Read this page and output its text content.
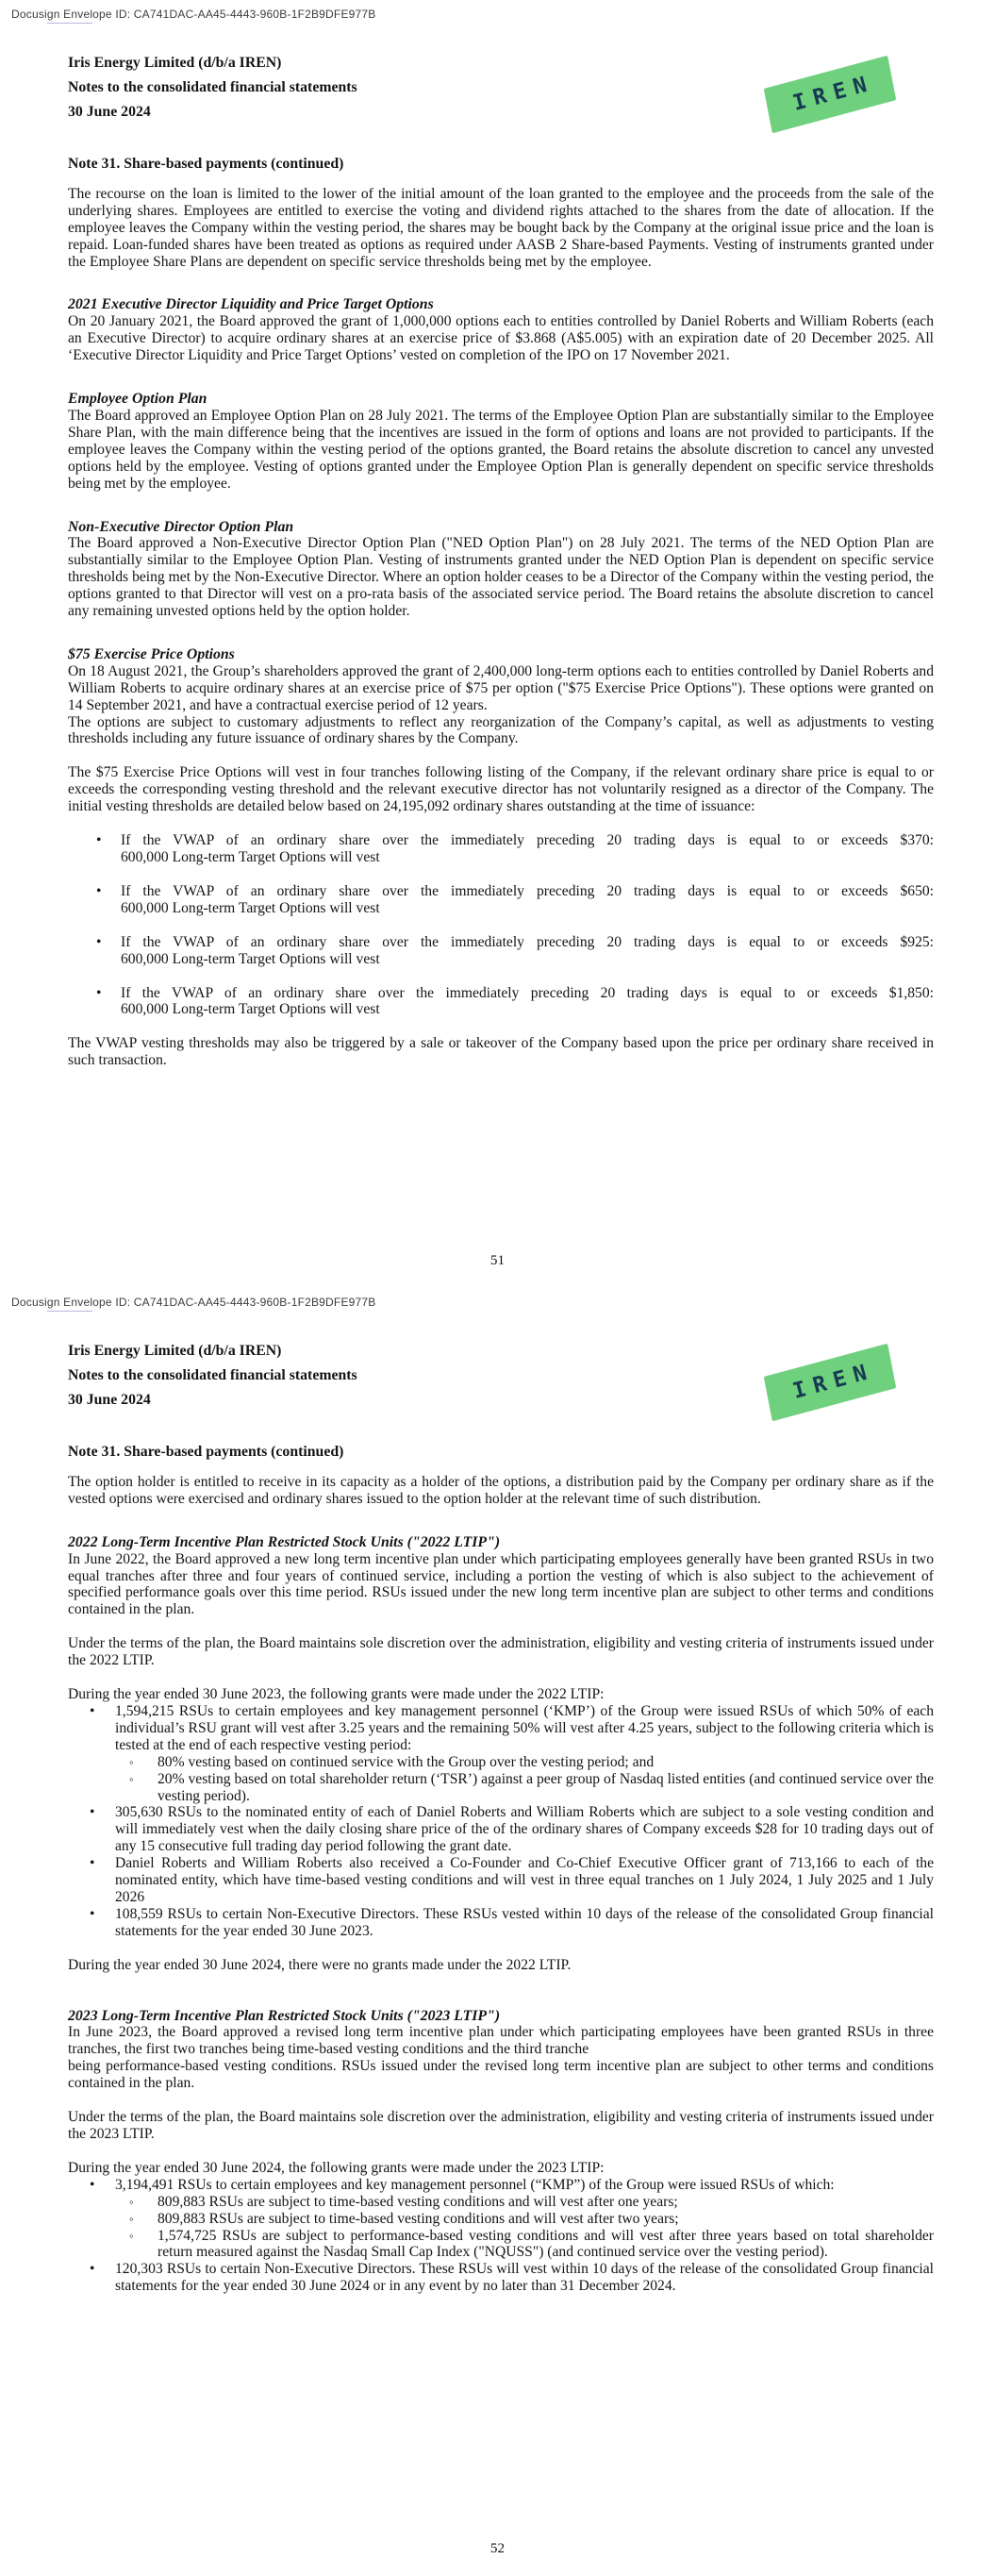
Docusign Envelope ID: CA741DAC-AA45-4443-960B-1F2B9DFE977B
I R E N
Iris Energy Limited (d/b/a IREN)
Notes to the consolidated financial statements
30 June 2024
Note 31. Share-based payments (continued)
The recourse on the loan is limited to the lower of the initial amount of the loan granted to the employee and the proceeds from the sale of the underlying shares. Employees are entitled to exercise the voting and dividend rights attached to the shares from the date of allocation. If the employee leaves the Company within the vesting period, the shares may be bought back by the Company at the original issue price and the loan is repaid. Loan-funded shares have been treated as options as required under AASB 2 Share-based Payments. Vesting of instruments granted under the Employee Share Plans are dependent on specific service thresholds being met by the employee.
2021 Executive Director Liquidity and Price Target Options
On 20 January 2021, the Board approved the grant of 1,000,000 options each to entities controlled by Daniel Roberts and William Roberts (each an Executive Director) to acquire ordinary shares at an exercise price of $3.868 (A$5.005) with an expiration date of 20 December 2025. All ‘Executive Director Liquidity and Price Target Options’ vested on completion of the IPO on 17 November 2021.
Employee Option Plan
The Board approved an Employee Option Plan on 28 July 2021. The terms of the Employee Option Plan are substantially similar to the Employee Share Plan, with the main difference being that the incentives are issued in the form of options and loans are not provided to participants. If the employee leaves the Company within the vesting period of the options granted, the Board retains the absolute discretion to cancel any unvested options held by the employee. Vesting of options granted under the Employee Option Plan is generally dependent on specific service thresholds being met by the employee.
Non-Executive Director Option Plan
The Board approved a Non-Executive Director Option Plan ("NED Option Plan") on 28 July 2021. The terms of the NED Option Plan are substantially similar to the Employee Option Plan. Vesting of instruments granted under the NED Option Plan is dependent on specific service thresholds being met by the Non-Executive Director. Where an option holder ceases to be a Director of the Company within the vesting period, the options granted to that Director will vest on a pro-rata basis of the associated service period. The Board retains the absolute discretion to cancel any remaining unvested options held by the option holder.
$75 Exercise Price Options
On 18 August 2021, the Group’s shareholders approved the grant of 2,400,000 long-term options each to entities controlled by Daniel Roberts and William Roberts to acquire ordinary shares at an exercise price of $75 per option ("$75 Exercise Price Options"). These options were granted on 14 September 2021, and have a contractual exercise period of 12 years.
The options are subject to customary adjustments to reflect any reorganization of the Company’s capital, as well as adjustments to vesting thresholds including any future issuance of ordinary shares by the Company.
The $75 Exercise Price Options will vest in four tranches following listing of the Company, if the relevant ordinary share price is equal to or exceeds the corresponding vesting threshold and the relevant executive director has not voluntarily resigned as a director of the Company. The initial vesting thresholds are detailed below based on 24,195,092 ordinary shares outstanding at the time of issuance:
•	If the VWAP of an ordinary share over the immediately preceding 20 trading days is equal to or exceeds $370:
600,000 Long-term Target Options will vest
•	If the VWAP of an ordinary share over the immediately preceding 20 trading days is equal to or exceeds $650:
600,000 Long-term Target Options will vest
•	If the VWAP of an ordinary share over the immediately preceding 20 trading days is equal to or exceeds $925:
600,000 Long-term Target Options will vest
•	If the VWAP of an ordinary share over the immediately preceding 20 trading days is equal to or exceeds $1,850:
600,000 Long-term Target Options will vest
The VWAP vesting thresholds may also be triggered by a sale or takeover of the Company based upon the price per ordinary share received in such transaction.
51
Docusign Envelope ID: CA741DAC-AA45-4443-960B-1F2B9DFE977B
I R E N
Iris Energy Limited (d/b/a IREN)
Notes to the consolidated financial statements
30 June 2024
Note 31. Share-based payments (continued)
The option holder is entitled to receive in its capacity as a holder of the options, a distribution paid by the Company per ordinary share as if the vested options were exercised and ordinary shares issued to the option holder at the relevant time of such distribution.
2022 Long-Term Incentive Plan Restricted Stock Units ("2022 LTIP")
In June 2022, the Board approved a new long term incentive plan under which participating employees generally have been granted RSUs in two equal tranches after three and four years of continued service, including a portion the vesting of which is also subject to the achievement of specified performance goals over this time period. RSUs issued under the new long term incentive plan are subject to other terms and conditions contained in the plan.
Under the terms of the plan, the Board maintains sole discretion over the administration, eligibility and vesting criteria of instruments issued under the 2022 LTIP.
During the year ended 30 June 2023, the following grants were made under the 2022 LTIP:
•	1,594,215 RSUs to certain employees and key management personnel (‘KMP’) of the Group were issued RSUs of which 50% of each individual’s RSU grant will vest after 3.25 years and the remaining 50% will vest after 4.25 years, subject to the following criteria which is tested at the end of each respective vesting period:
◦	80% vesting based on continued service with the Group over the vesting period; and
◦	20% vesting based on total shareholder return (‘TSR’) against a peer group of Nasdaq listed entities (and continued service over the vesting period).
•	305,630 RSUs to the nominated entity of each of Daniel Roberts and William Roberts which are subject to a sole vesting condition and will immediately vest when the daily closing share price of the of the ordinary shares of Company exceeds $28 for 10 trading days out of any 15 consecutive full trading day period following the grant date.
•	Daniel Roberts and William Roberts also received a Co-Founder and Co-Chief Executive Officer grant of 713,166 to each of the nominated entity, which have time-based vesting conditions and will vest in three equal tranches on 1 July 2024, 1 July 2025 and 1 July 2026
•	108,559 RSUs to certain Non-Executive Directors. These RSUs vested within 10 days of the release of the consolidated Group financial statements for the year ended 30 June 2023.
During the year ended 30 June 2024, there were no grants made under the 2022 LTIP.
2023 Long-Term Incentive Plan Restricted Stock Units ("2023 LTIP")
In June 2023, the Board approved a revised long term incentive plan under which participating employees have been granted RSUs in three tranches, the first two tranches being time-based vesting conditions and the third tranche
being performance-based vesting conditions. RSUs issued under the revised long term incentive plan are subject to other terms and conditions contained in the plan.
Under the terms of the plan, the Board maintains sole discretion over the administration, eligibility and vesting criteria of instruments issued under the 2023 LTIP.
During the year ended 30 June 2024, the following grants were made under the 2023 LTIP:
•	3,194,491 RSUs to certain employees and key management personnel (“KMP”) of the Group were issued RSUs of which:
◦	809,883 RSUs are subject to time-based vesting conditions and will vest after one years;
◦	809,883 RSUs are subject to time-based vesting conditions and will vest after two years;
◦	1,574,725 RSUs are subject to performance-based vesting conditions and will vest after three years based on total shareholder return measured against the Nasdaq Small Cap Index ("NQUSS") (and continued service over the vesting period).
•	120,303 RSUs to certain Non-Executive Directors. These RSUs will vest within 10 days of the release of the consolidated Group financial statements for the year ended 30 June 2024 or in any event by no later than 31 December 2024.
52
